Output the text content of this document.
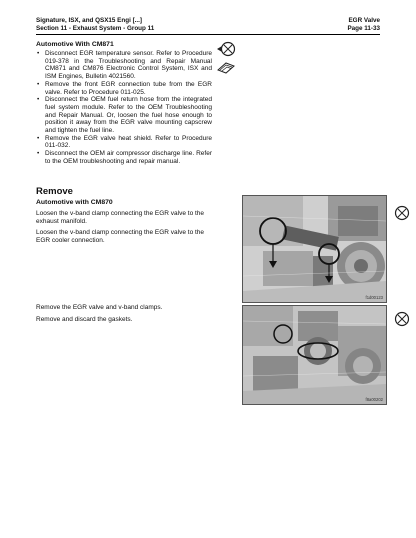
Signature, ISX, and QSX15 Engi [...]
Section 11 - Exhaust System - Group 11
EGR Valve
Page 11-33
Automotive With CM871
• Disconnect EGR temperature sensor. Refer to Procedure 019-378 in the Troubleshooting and Repair Manual CM871 and CM876 Electronic Control System, ISX and ISM Engines, Bulletin 4021560.
• Remove the front EGR connection tube from the EGR valve. Refer to Procedure 011-025.
• Disconnect the OEM fuel return hose from the integrated fuel system module. Refer to the OEM Troubleshooting and Repair Manual. Or, loosen the fuel hose enough to position it away from the EGR valve mounting capscrew and tighten the fuel line.
• Remove the EGR valve heat shield. Refer to Procedure 011-032.
• Disconnect the OEM air compressor discharge line. Refer to the OEM troubleshooting and repair manual.
Remove
Automotive with CM870
Loosen the v-band clamp connecting the EGR valve to the exhaust manifold.
Loosen the v-band clamp connecting the EGR valve to the EGR cooler connection.
f1d00123
Remove the EGR valve and v-band clamps.
Remove and discard the gaskets.
f8a00202
